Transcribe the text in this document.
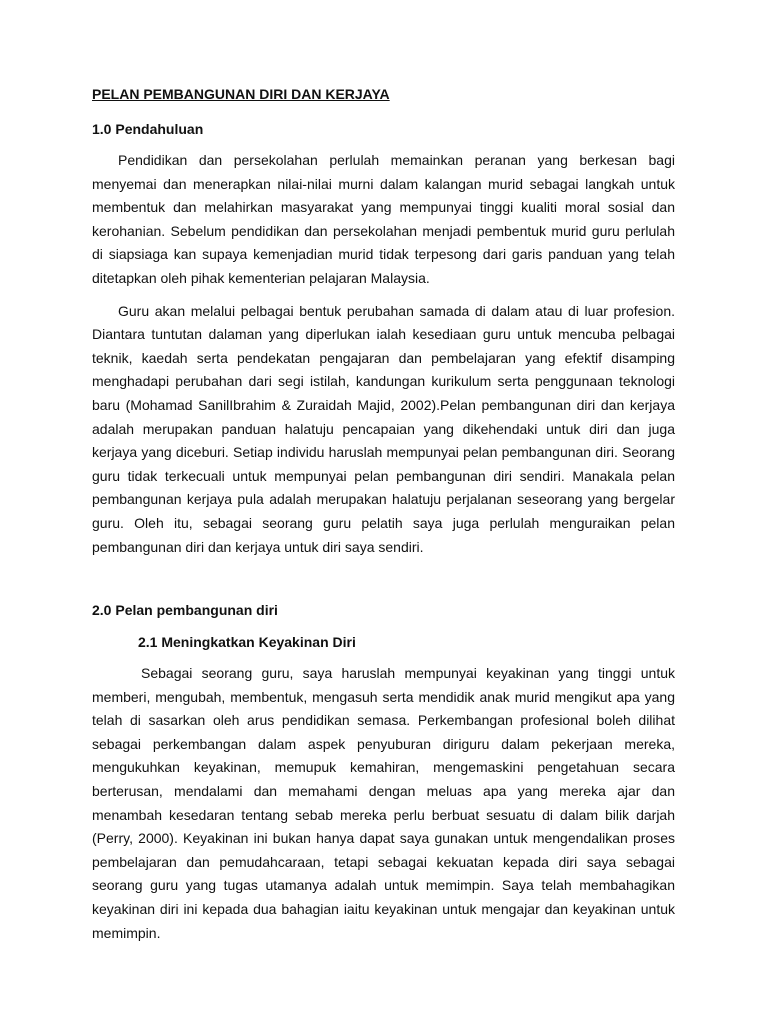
PELAN PEMBANGUNAN DIRI DAN KERJAYA

1.0 Pendahuluan

Pendidikan dan persekolahan perlulah memainkan peranan yang berkesan bagi menyemai dan menerapkan nilai-nilai murni dalam kalangan murid sebagai langkah untuk membentuk dan melahirkan masyarakat yang mempunyai tinggi kualiti moral sosial dan kerohanian. Sebelum pendidikan dan persekolahan menjadi pembentuk murid guru perlulah di siapsiaga kan supaya kemenjadian murid tidak terpesong dari garis panduan yang telah ditetapkan oleh pihak kementerian pelajaran Malaysia.

Guru akan melalui pelbagai bentuk perubahan samada di dalam atau di luar profesion. Diantara tuntutan dalaman yang diperlukan ialah kesediaan guru untuk mencuba pelbagai teknik, kaedah serta pendekatan pengajaran dan pembelajaran yang efektif disamping menghadapi perubahan dari segi istilah, kandungan kurikulum serta penggunaan teknologi baru (Mohamad SanilIbrahim & Zuraidah Majid, 2002).Pelan pembangunan diri dan kerjaya adalah merupakan panduan halatuju pencapaian yang dikehendaki untuk diri dan juga kerjaya yang diceburi. Setiap individu haruslah mempunyai pelan pembangunan diri. Seorang guru tidak terkecuali untuk mempunyai pelan pembangunan diri sendiri. Manakala pelan pembangunan kerjaya pula adalah merupakan halatuju perjalanan seseorang yang bergelar guru. Oleh itu, sebagai seorang guru pelatih saya juga perlulah menguraikan pelan pembangunan diri dan kerjaya untuk diri saya sendiri.

2.0 Pelan pembangunan diri

2.1 Meningkatkan Keyakinan Diri

Sebagai seorang guru, saya haruslah mempunyai keyakinan yang tinggi untuk memberi, mengubah, membentuk, mengasuh serta mendidik anak murid mengikut apa yang telah di sasarkan oleh arus pendidikan semasa. Perkembangan profesional boleh dilihat sebagai perkembangan dalam aspek penyuburan diriguru dalam pekerjaan mereka, mengukuhkan keyakinan, memupuk kemahiran, mengemaskini pengetahuan secara berterusan, mendalami dan memahami dengan meluas apa yang mereka ajar dan menambah kesedaran tentang sebab mereka perlu berbuat sesuatu di dalam bilik darjah (Perry, 2000). Keyakinan ini bukan hanya dapat saya gunakan untuk mengendalikan proses pembelajaran dan pemudahcaraan, tetapi sebagai kekuatan kepada diri saya sebagai seorang guru yang tugas utamanya adalah untuk memimpin. Saya telah membahagikan keyakinan diri ini kepada dua bahagian iaitu keyakinan untuk mengajar dan keyakinan untuk memimpin.
